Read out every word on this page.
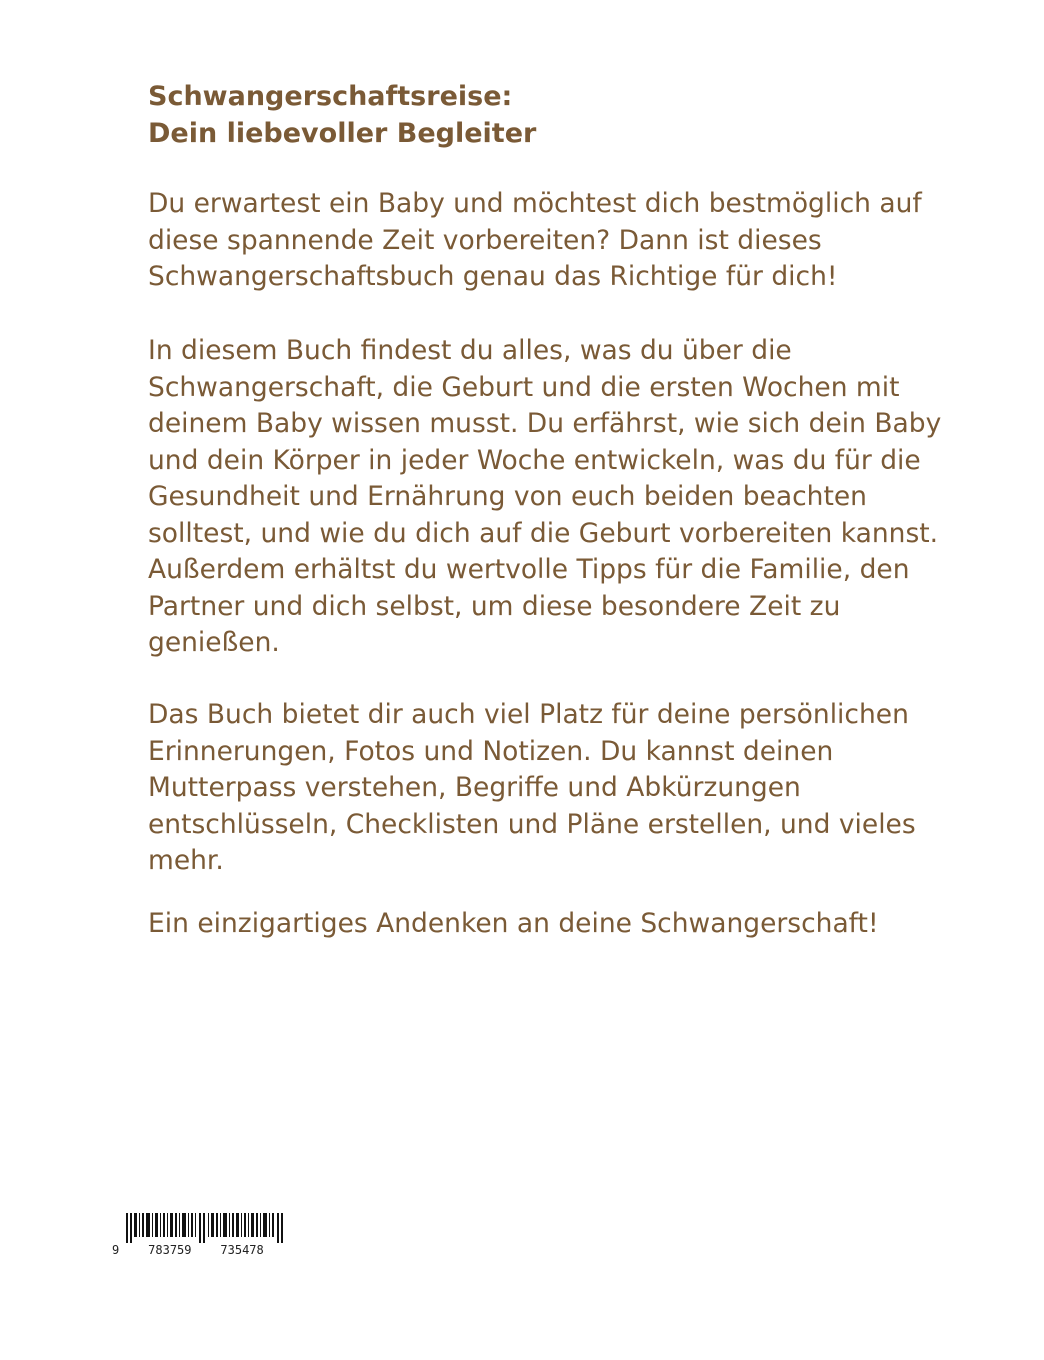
Schwangerschaftsreise:
Dein liebevoller Begleiter
Du erwartest ein Baby und möchtest dich bestmöglich auf
diese spannende Zeit vorbereiten? Dann ist dieses
Schwangerschaftsbuch genau das Richtige für dich!
In diesem Buch findest du alles, was du über die
Schwangerschaft, die Geburt und die ersten Wochen mit
deinem Baby wissen musst. Du erfährst, wie sich dein Baby
und dein Körper in jeder Woche entwickeln, was du für die
Gesundheit und Ernährung von euch beiden beachten
solltest, und wie du dich auf die Geburt vorbereiten kannst.
Außerdem erhältst du wertvolle Tipps für die Familie, den
Partner und dich selbst, um diese besondere Zeit zu
genießen.
Das Buch bietet dir auch viel Platz für deine persönlichen
Erinnerungen, Fotos und Notizen. Du kannst deinen
Mutterpass verstehen, Begriffe und Abkürzungen
entschlüsseln, Checklisten und Pläne erstellen, und vieles
mehr.
Ein einzigartiges Andenken an deine Schwangerschaft!
9 783759 735478
